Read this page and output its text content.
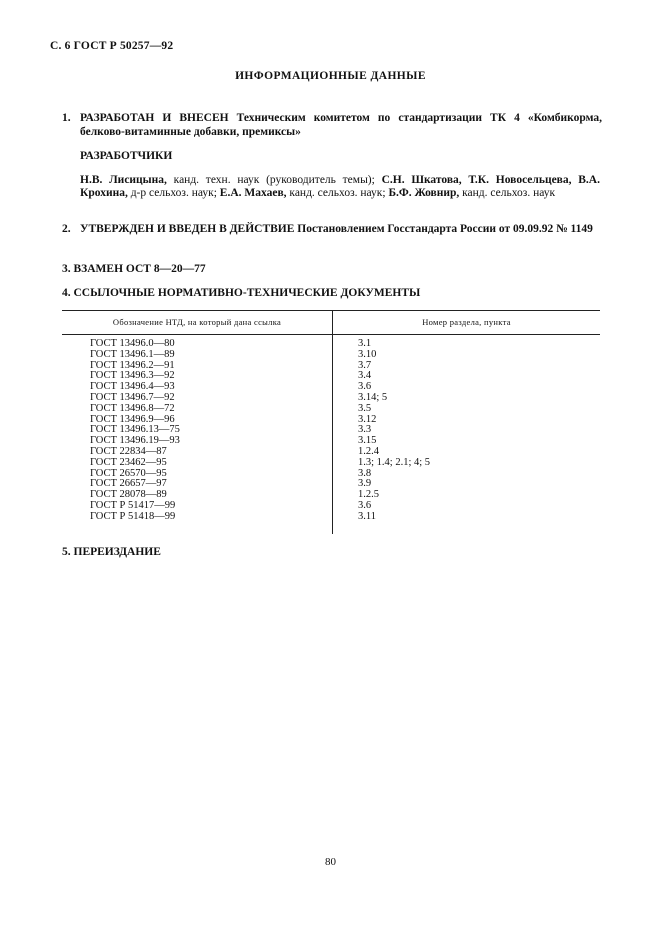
С. 6 ГОСТ Р 50257—92
ИНФОРМАЦИОННЫЕ ДАННЫЕ
1. РАЗРАБОТАН И ВНЕСЕН Техническим комитетом по стандартизации ТК 4 «Комбикорма, белково-витаминные добавки, премиксы»
РАЗРАБОТЧИКИ
Н.В. Лисицына, канд. техн. наук (руководитель темы); С.Н. Шкатова, Т.К. Новосельцева, В.А. Крохина, д-р сельхоз. наук; Е.А. Махаев, канд. сельхоз. наук; Б.Ф. Жовнир, канд. сельхоз. наук
2. УТВЕРЖДЕН И ВВЕДЕН В ДЕЙСТВИЕ Постановлением Госстандарта России от 09.09.92 № 1149
3. ВЗАМЕН ОСТ 8—20—77
4. ССЫЛОЧНЫЕ НОРМАТИВНО-ТЕХНИЧЕСКИЕ ДОКУМЕНТЫ
Обозначение НТД, на который дана ссылка	Номер раздела, пункта
ГОСТ 13496.0—80
ГОСТ 13496.1—89
ГОСТ 13496.2—91
ГОСТ 13496.3—92
ГОСТ 13496.4—93
ГОСТ 13496.7—92
ГОСТ 13496.8—72
ГОСТ 13496.9—96
ГОСТ 13496.13—75
ГОСТ 13496.19—93
ГОСТ 22834—87
ГОСТ 23462—95
ГОСТ 26570—95
ГОСТ 26657—97
ГОСТ 28078—89
ГОСТ Р 51417—99
ГОСТ Р 51418—99
3.1
3.10
3.7
3.4
3.6
3.14; 5
3.5
3.12
3.3
3.15
1.2.4
1.3; 1.4; 2.1; 4; 5
3.8
3.9
1.2.5
3.6
3.11
5. ПЕРЕИЗДАНИЕ
80
